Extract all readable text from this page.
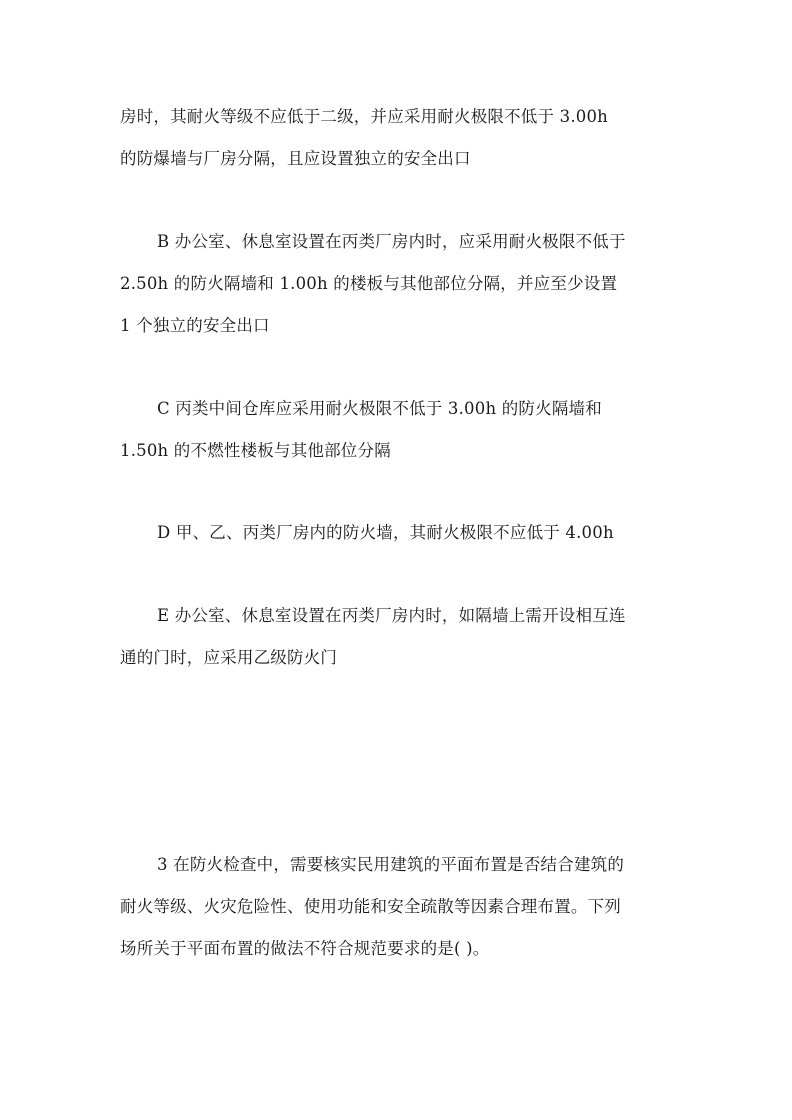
房时，其耐火等级不应低于二级，并应采用耐火极限不低于 3.00h
的防爆墙与厂房分隔，且应设置独立的安全出口
B 办公室、休息室设置在丙类厂房内时，应采用耐火极限不低于
2.50h 的防火隔墙和 1.00h 的楼板与其他部位分隔，并应至少设置
1 个独立的安全出口
C 丙类中间仓库应采用耐火极限不低于 3.00h 的防火隔墙和
1.50h 的不燃性楼板与其他部位分隔
D 甲、乙、丙类厂房内的防火墙，其耐火极限不应低于 4.00h
E 办公室、休息室设置在丙类厂房内时，如隔墙上需开设相互连
通的门时，应采用乙级防火门
3 在防火检查中，需要核实民用建筑的平面布置是否结合建筑的
耐火等级、火灾危险性、使用功能和安全疏散等因素合理布置。下列
场所关于平面布置的做法不符合规范要求的是( )。
